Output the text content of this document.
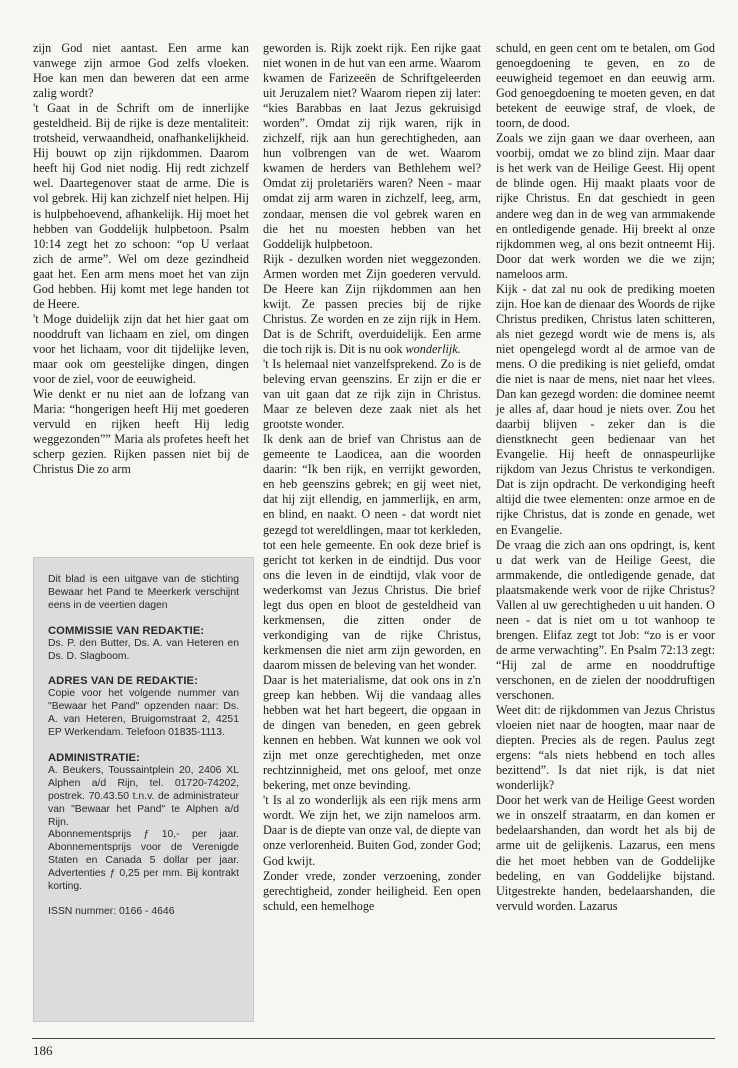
zijn God niet aantast. Een arme kan vanwege zijn armoe God zelfs vloeken. Hoe kan men dan beweren dat een arme zalig wordt?

't Gaat in de Schrift om de innerlijke gesteldheid. Bij de rijke is deze mentaliteit: trotsheid, verwaandheid, onafhankelijkheid. Hij bouwt op zijn rijkdommen. Daarom heeft hij God niet nodig. Hij redt zichzelf wel. Daartegenover staat de arme. Die is vol gebrek. Hij kan zichzelf niet helpen. Hij is hulpbehoevend, afhankelijk. Hij moet het hebben van Goddelijk hulpbetoon. Psalm 10:14 zegt het zo schoon: “op U verlaat zich de arme”. Wel om deze gezindheid gaat het. Een arm mens moet het van zijn God hebben. Hij komt met lege handen tot de Heere.

't Moge duidelijk zijn dat het hier gaat om nooddruft van lichaam en ziel, om dingen voor het lichaam, voor dit tijdelijke leven, maar ook om geestelijke dingen, dingen voor de ziel, voor de eeuwigheid.

Wie denkt er nu niet aan de lofzang van Maria: “hongerigen heeft Hij met goederen vervuld en rijken heeft Hij ledig weggezonden”” Maria als profetes heeft het scherp gezien. Rijken passen niet bij de Christus Die zo arm

Dit blad is een uitgave van de stichting Bewaar het Pand te Meerkerk verschijnt eens in de veertien dagen

COMMISSIE VAN REDAKTIE:

Ds. P. den Butter, Ds. A. van Heteren en Ds. D. Slagboom.

ADRES VAN DE REDAKTIE:

Copie voor het volgende nummer van "Bewaar het Pand" opzenden naar: Ds. A. van Heteren, Bruigomstraat 2, 4251 EP Werkendam. Telefoon 01835-1113.

ADMINISTRATIE:

A. Beukers, Toussaintplein 20, 2406 XL Alphen a/d Rijn, tel. 01720-74202, postrek. 70.43.50 t.n.v. de administrateur van "Bewaar het Pand" te Alphen a/d Rijn.

Abonnementsprijs ƒ 10,- per jaar. Abonnementsprijs voor de Verenigde Staten en Canada 5 dollar per jaar. Advertenties ƒ 0,25 per mm. Bij kontrakt korting.

ISSN nummer: 0166 - 4646

geworden is. Rijk zoekt rijk. Een rijke gaat niet wonen in de hut van een arme. Waarom kwamen de Farizeeën de Schriftgeleerden uit Jeruzalem niet? Waarom riepen zij later: “kies Barabbas en laat Jezus gekruisigd worden”. Omdat zij rijk waren, rijk in zichzelf, rijk aan hun gerechtigheden, aan hun volbrengen van de wet. Waarom kwamen de herders van Bethlehem wel? Omdat zij proletariërs waren? Neen - maar omdat zij arm waren in zichzelf, leeg, arm, zondaar, mensen die vol gebrek waren en die het nu moesten hebben van het Goddelijk hulpbetoon.

Rijk - dezulken worden niet weggezonden. Armen worden met Zijn goederen vervuld. De Heere kan Zijn rijkdommen aan hen kwijt. Ze passen precies bij de rijke Christus. Ze worden en ze zijn rijk in Hem. Dat is de Schrift, overduidelijk. Een arme die toch rijk is. Dit is nu ook wonderlijk.

't Is helemaal niet vanzelfsprekend. Zo is de beleving ervan geenszins. Er zijn er die er van uit gaan dat ze rijk zijn in Christus. Maar ze beleven deze zaak niet als het grootste wonder.

Ik denk aan de brief van Christus aan de gemeente te Laodicea, aan die woorden daarin: “Ik ben rijk, en verrijkt geworden, en heb geenszins gebrek; en gij weet niet, dat hij zijt ellendig, en jammerlijk, en arm, en blind, en naakt. O neen - dat wordt niet gezegd tot wereldlingen, maar tot kerkleden, tot een hele gemeente. En ook deze brief is gericht tot kerken in de eindtijd. Dus voor ons die leven in de eindtijd, vlak voor de wederkomst van Jezus Christus. Die brief legt dus open en bloot de gesteldheid van kerkmensen, die zitten onder de verkondiging van de rijke Christus, kerkmensen die niet arm zijn geworden, en daarom missen de beleving van het wonder.

Daar is het materialisme, dat ook ons in z'n greep kan hebben. Wij die vandaag alles hebben wat het hart begeert, die opgaan in de dingen van beneden, en geen gebrek kennen en hebben. Wat kunnen we ook vol zijn met onze gerechtigheden, met onze rechtzinnigheid, met ons geloof, met onze bekering, met onze bevinding.

't Is al zo wonderlijk als een rijk mens arm wordt. We zijn het, we zijn nameloos arm. Daar is de diepte van onze val, de diepte van onze verlorenheid. Buiten God, zonder God; God kwijt.

Zonder vrede, zonder verzoening, zonder gerechtigheid, zonder heiligheid. Een open schuld, een hemelhoge

schuld, en geen cent om te betalen, om God genoegdoening te geven, en zo de eeuwigheid tegemoet en dan eeuwig arm. God genoegdoening te moeten geven, en dat betekent de eeuwige straf, de vloek, de toorn, de dood.

Zoals we zijn gaan we daar overheen, aan voorbij, omdat we zo blind zijn. Maar daar is het werk van de Heilige Geest. Hij opent de blinde ogen. Hij maakt plaats voor de rijke Christus. En dat geschiedt in geen andere weg dan in de weg van armmakende en ontledigende genade. Hij breekt al onze rijkdommen weg, al ons bezit ontneemt Hij. Door dat werk worden we die we zijn; nameloos arm.

Kijk - dat zal nu ook de prediking moeten zijn. Hoe kan de dienaar des Woords de rijke Christus prediken, Christus laten schitteren, als niet gezegd wordt wie de mens is, als niet opengelegd wordt al de armoe van de mens. O die prediking is niet geliefd, omdat die niet is naar de mens, niet naar het vlees. Dan kan gezegd worden: die dominee neemt je alles af, daar houd je niets over. Zou het daarbij blijven - zeker dan is die dienstknecht geen bedienaar van het Evangelie. Hij heeft de onnaspeurlijke rijkdom van Jezus Christus te verkondigen. Dat is zijn opdracht. De verkondiging heeft altijd die twee elementen: onze armoe en de rijke Christus, dat is zonde en genade, wet en Evangelie.

De vraag die zich aan ons opdringt, is, kent u dat werk van de Heilige Geest, die armmakende, die ontledigende genade, dat plaatsmakende werk voor de rijke Christus? Vallen al uw gerechtigheden u uit handen. O neen - dat is niet om u tot wanhoop te brengen. Elifaz zegt tot Job: “zo is er voor de arme verwachting”. En Psalm 72:13 zegt: “Hij zal de arme en nooddruftige verschonen, en de zielen der nooddruftigen verschonen.

Weet dit: de rijkdommen van Jezus Christus vloeien niet naar de hoogten, maar naar de diepten. Precies als de regen. Paulus zegt ergens: “als niets hebbend en toch alles bezittend”. Is dat niet rijk, is dat niet wonderlijk?

Door het werk van de Heilige Geest worden we in onszelf straatarm, en dan komen er bedelaarshanden, dan wordt het als bij de arme uit de gelijkenis. Lazarus, een mens die het moet hebben van de Goddelijke bedeling, en van Goddelijke bijstand. Uitgestrekte handen, bedelaarshanden, die vervuld worden. Lazarus

186
